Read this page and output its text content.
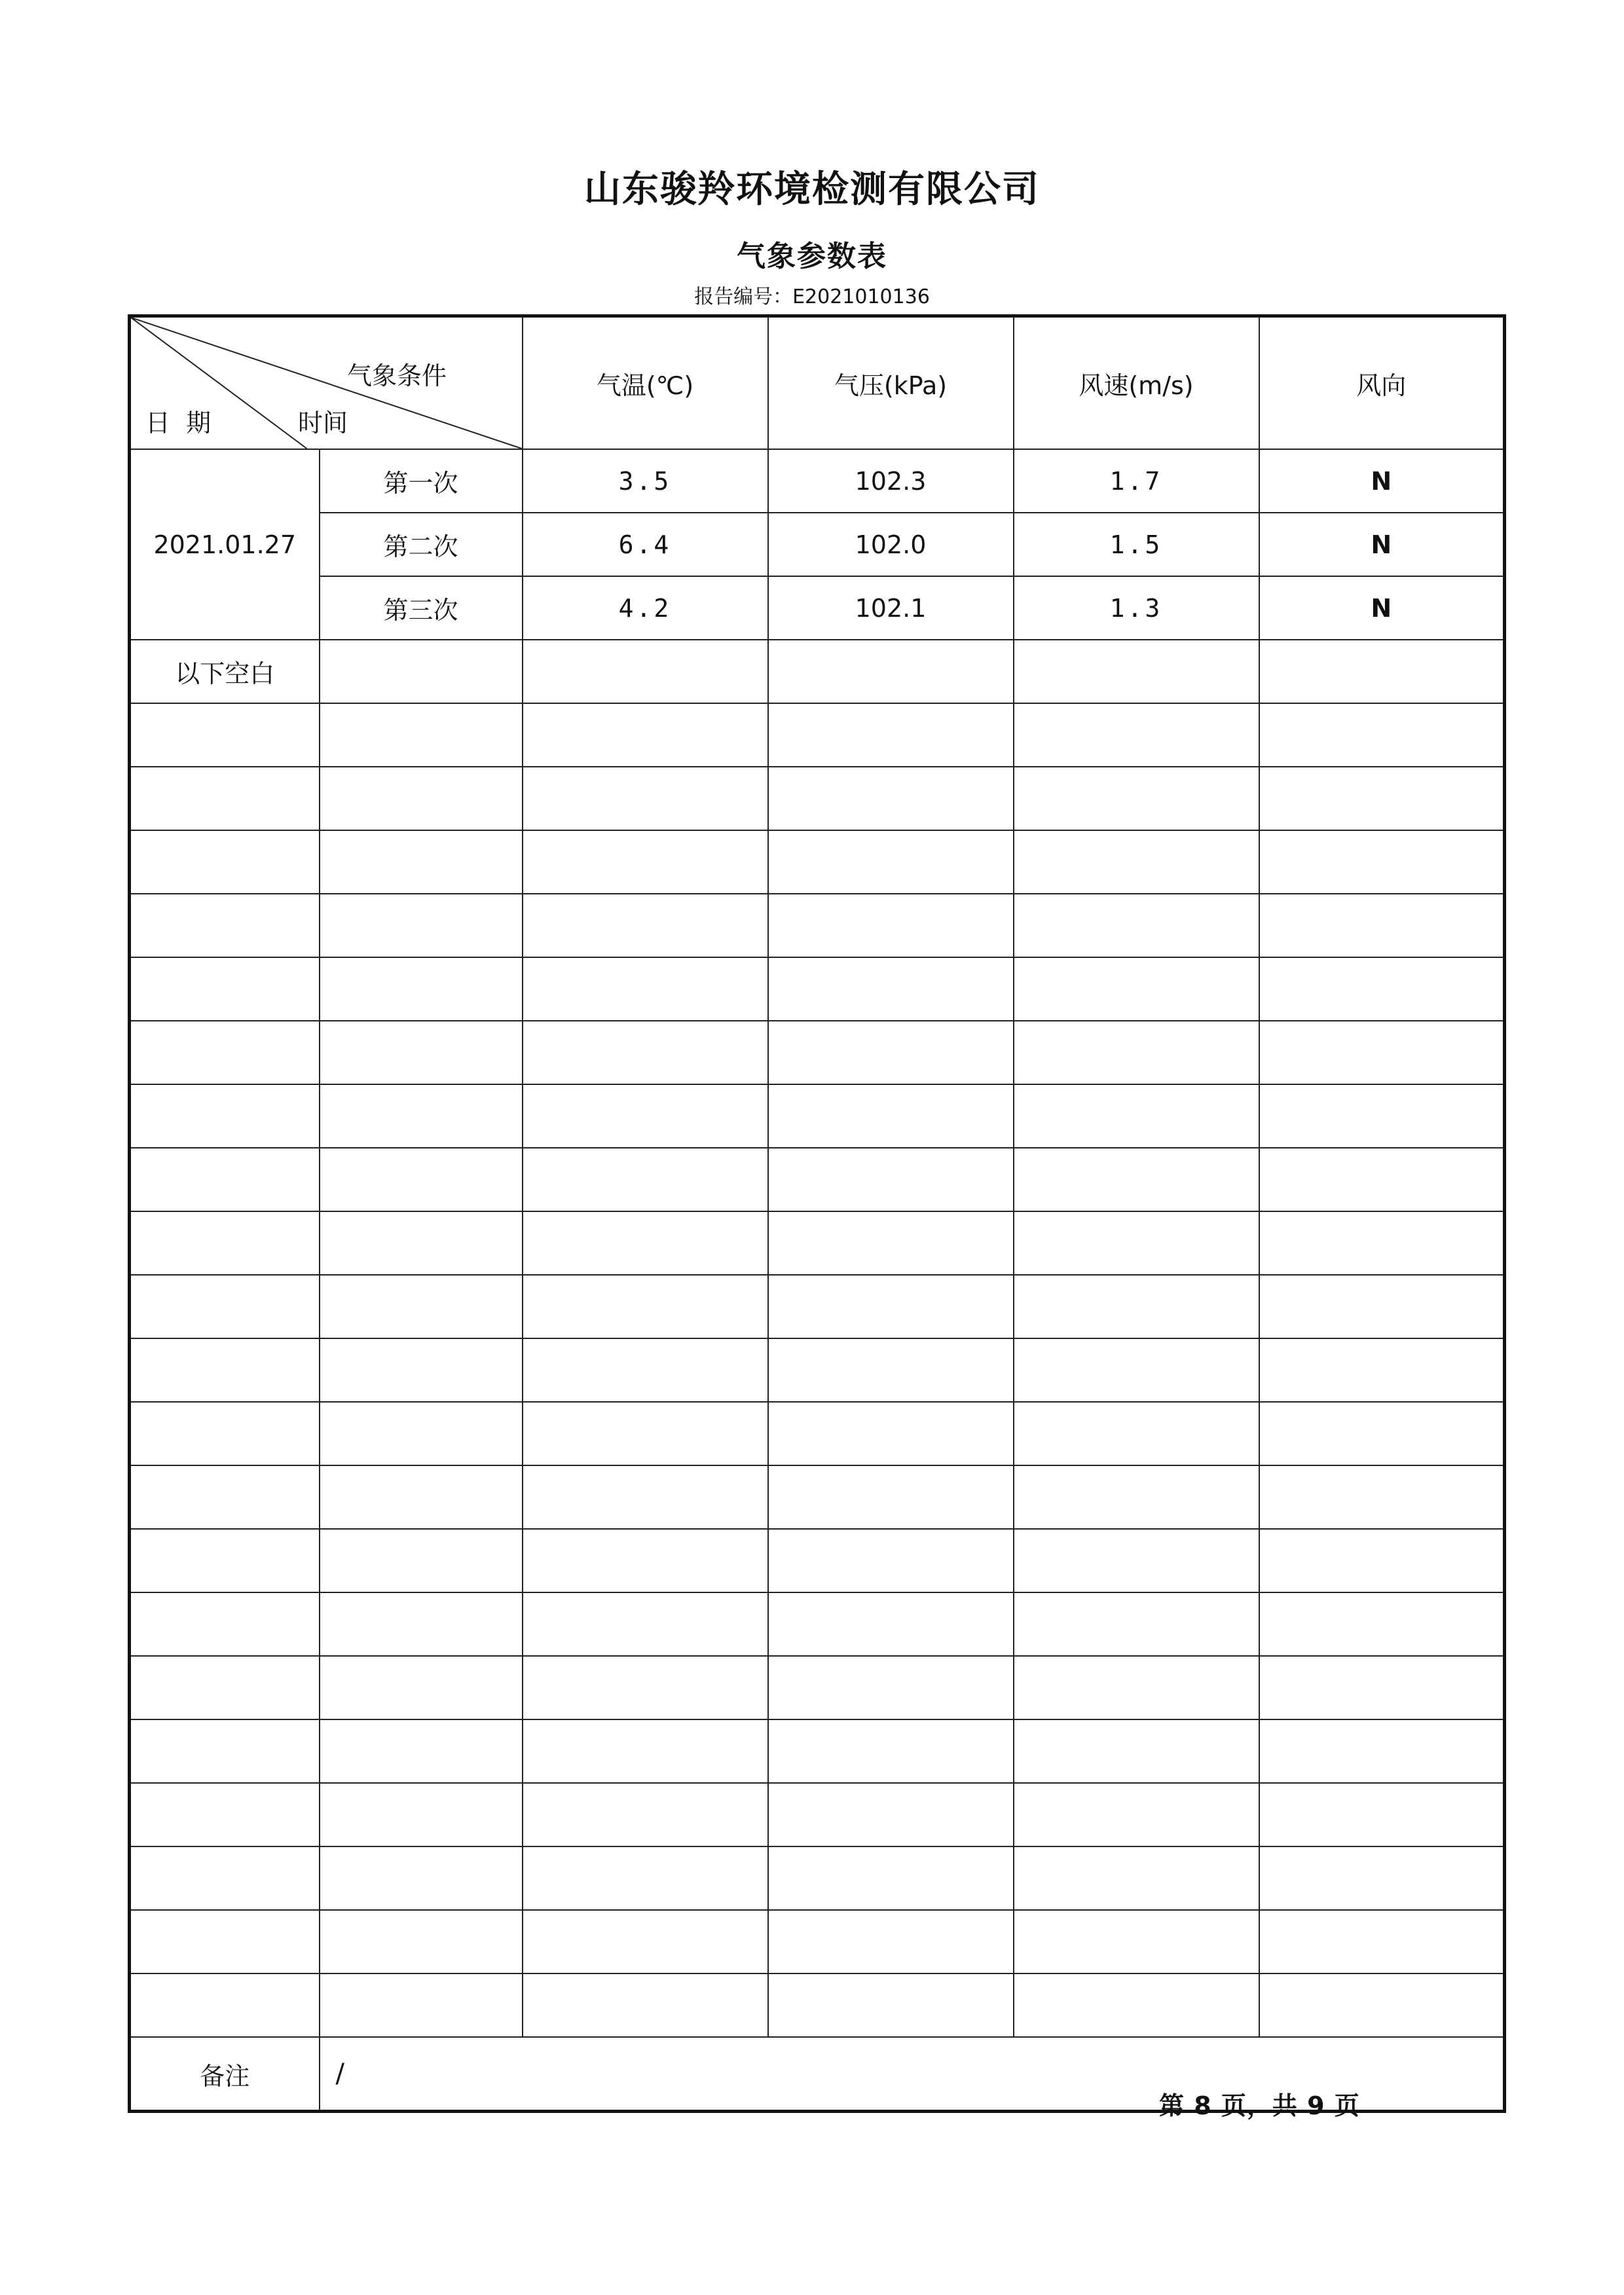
山东骏羚环境检测有限公司
气象参数表
报告编号：E2021010136
气象条件
日  期 时间		气温(℃)	气压(kPa)	风速(m/s)	风向
2021.01.27	第一次	3.5	102.3	1.7	N
	第二次	6.4	102.0	1.5	N
	第三次	4.2	102.1	1.3	N
以下空白					

备注	/				
第 8 页，共 9 页
